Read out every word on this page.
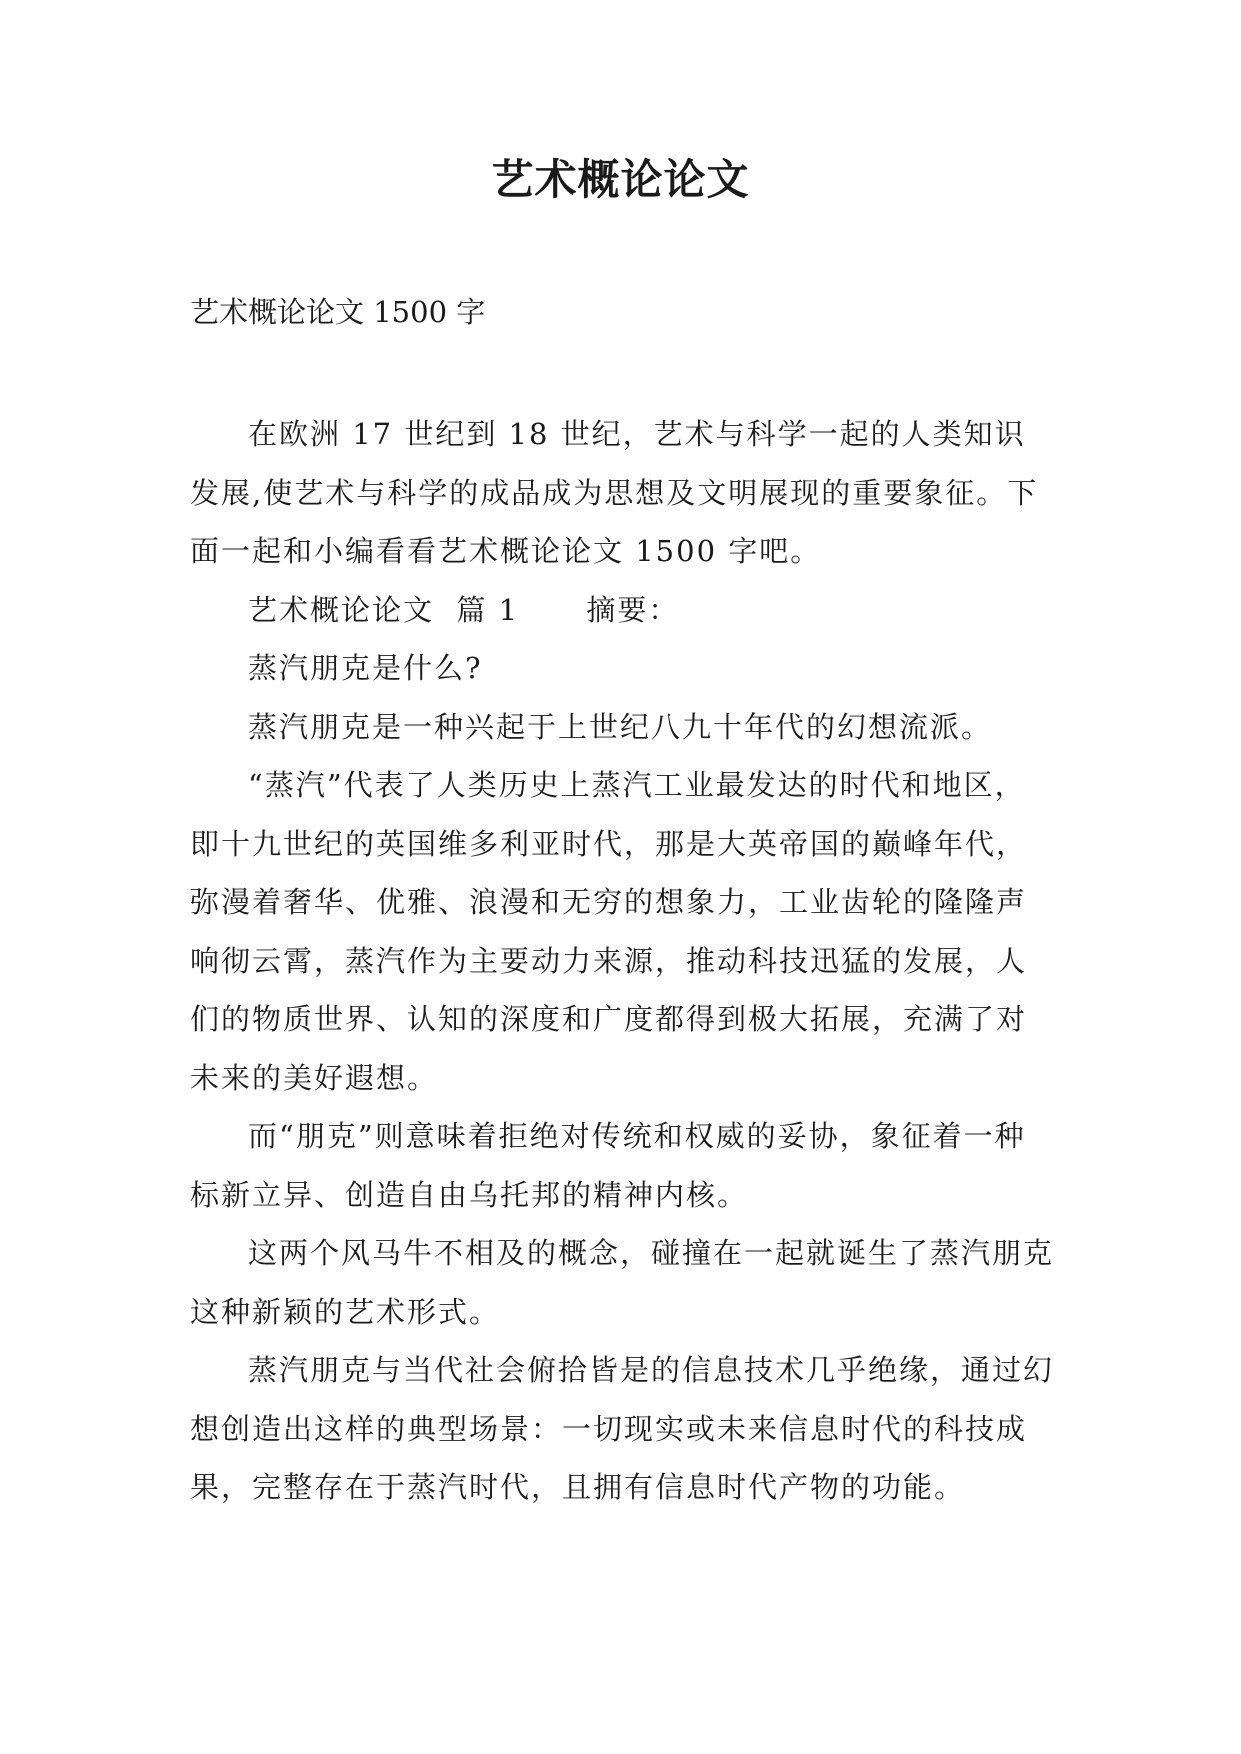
艺术概论论文
艺术概论论文 1500 字

在欧洲 17 世纪到 18 世纪，艺术与科学一起的人类知识发展,使艺术与科学的成品成为思想及文明展现的重要象征。下面一起和小编看看艺术概论论文 1500 字吧。

艺术概论论文  篇 1      摘要：

蒸汽朋克是什么?

蒸汽朋克是一种兴起于上世纪八九十年代的幻想流派。

“蒸汽”代表了人类历史上蒸汽工业最发达的时代和地区，即十九世纪的英国维多利亚时代，那是大英帝国的巅峰年代，弥漫着奢华、优雅、浪漫和无穷的想象力，工业齿轮的隆隆声响彻云霄，蒸汽作为主要动力来源，推动科技迅猛的发展，人们的物质世界、认知的深度和广度都得到极大拓展，充满了对未来的美好遐想。

而“朋克”则意味着拒绝对传统和权威的妥协，象征着一种标新立异、创造自由乌托邦的精神内核。

这两个风马牛不相及的概念，碰撞在一起就诞生了蒸汽朋克这种新颖的艺术形式。

蒸汽朋克与当代社会俯拾皆是的信息技术几乎绝缘，通过幻想创造出这样的典型场景：一切现实或未来信息时代的科技成果，完整存在于蒸汽时代，且拥有信息时代产物的功能。
